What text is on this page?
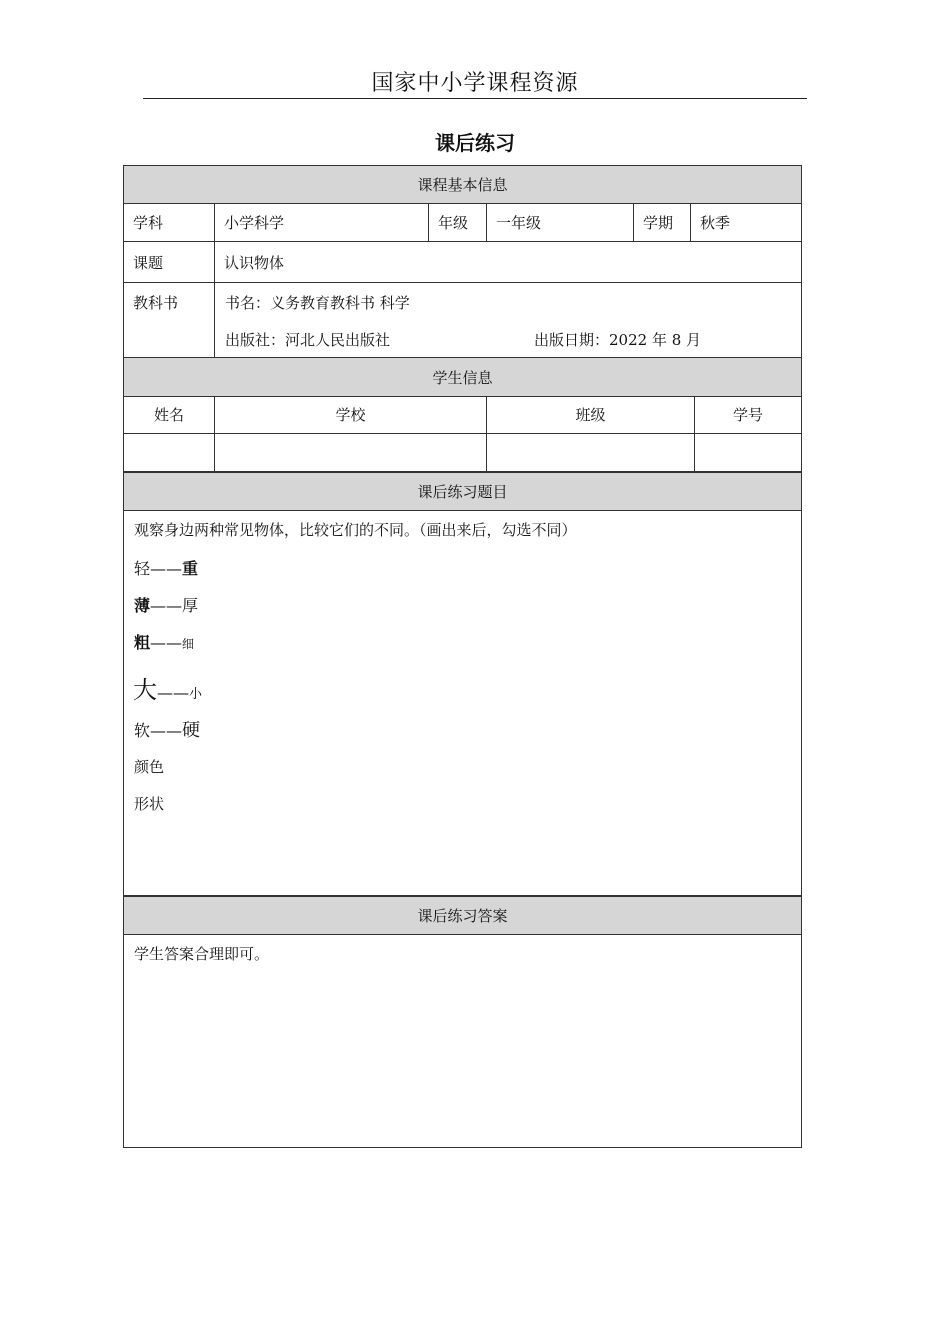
国家中小学课程资源
课后练习
课程基本信息
学科	小学科学	年级	一年级	学期	秋季
课题	认识物体
教科书	书名：义务教育教科书 科学
出版社：河北人民出版社	出版日期：2022 年 8 月
学生信息
姓名	学校	班级	学号
课后练习题目
观察身边两种常见物体，比较它们的不同。（画出来后，勾选不同）
轻——重
薄——厚
粗——细
大——小
软——硬
颜色
形状
课后练习答案
学生答案合理即可。
